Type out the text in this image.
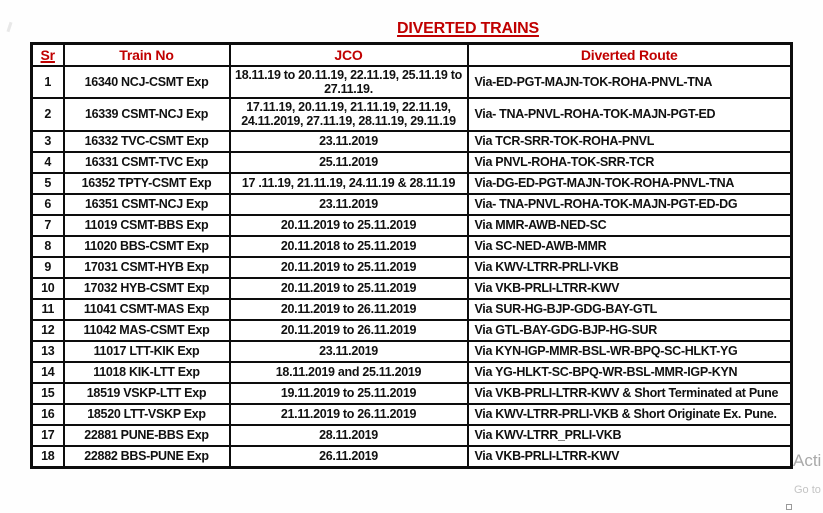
DIVERTED TRAINS
Sr	Train No	JCO	Diverted Route
1	16340 NCJ-CSMT Exp	18.11.19 to 20.11.19, 22.11.19, 25.11.19 to 27.11.19.	Via-ED-PGT-MAJN-TOK-ROHA-PNVL-TNA
2	16339 CSMT-NCJ Exp	17.11.19, 20.11.19, 21.11.19, 22.11.19, 24.11.2019, 27.11.19, 28.11.19, 29.11.19	Via- TNA-PNVL-ROHA-TOK-MAJN-PGT-ED
3	16332 TVC-CSMT Exp	23.11.2019	Via TCR-SRR-TOK-ROHA-PNVL
4	16331 CSMT-TVC Exp	25.11.2019	Via PNVL-ROHA-TOK-SRR-TCR
5	16352 TPTY-CSMT Exp	17 .11.19, 21.11.19, 24.11.19 & 28.11.19	Via-DG-ED-PGT-MAJN-TOK-ROHA-PNVL-TNA
6	16351 CSMT-NCJ Exp	23.11.2019	Via- TNA-PNVL-ROHA-TOK-MAJN-PGT-ED-DG
7	11019 CSMT-BBS Exp	20.11.2019 to 25.11.2019	Via MMR-AWB-NED-SC
8	11020 BBS-CSMT Exp	20.11.2018 to 25.11.2019	Via SC-NED-AWB-MMR
9	17031 CSMT-HYB Exp	20.11.2019 to 25.11.2019	Via KWV-LTRR-PRLI-VKB
10	17032 HYB-CSMT Exp	20.11.2019 to 25.11.2019	Via VKB-PRLI-LTRR-KWV
11	11041 CSMT-MAS Exp	20.11.2019 to 26.11.2019	Via SUR-HG-BJP-GDG-BAY-GTL
12	11042 MAS-CSMT Exp	20.11.2019 to 26.11.2019	Via GTL-BAY-GDG-BJP-HG-SUR
13	11017 LTT-KIK Exp	23.11.2019	Via KYN-IGP-MMR-BSL-WR-BPQ-SC-HLKT-YG
14	11018 KIK-LTT Exp	18.11.2019 and 25.11.2019	Via YG-HLKT-SC-BPQ-WR-BSL-MMR-IGP-KYN
15	18519 VSKP-LTT Exp	19.11.2019 to 25.11.2019	Via VKB-PRLI-LTRR-KWV & Short Terminated at Pune
16	18520 LTT-VSKP Exp	21.11.2019 to 26.11.2019	Via KWV-LTRR-PRLI-VKB & Short Originate Ex. Pune.
17	22881 PUNE-BBS Exp	28.11.2019	Via KWV-LTRR_PRLI-VKB
18	22882 BBS-PUNE Exp	26.11.2019	Via VKB-PRLI-LTRR-KWV	Acti
Go to
